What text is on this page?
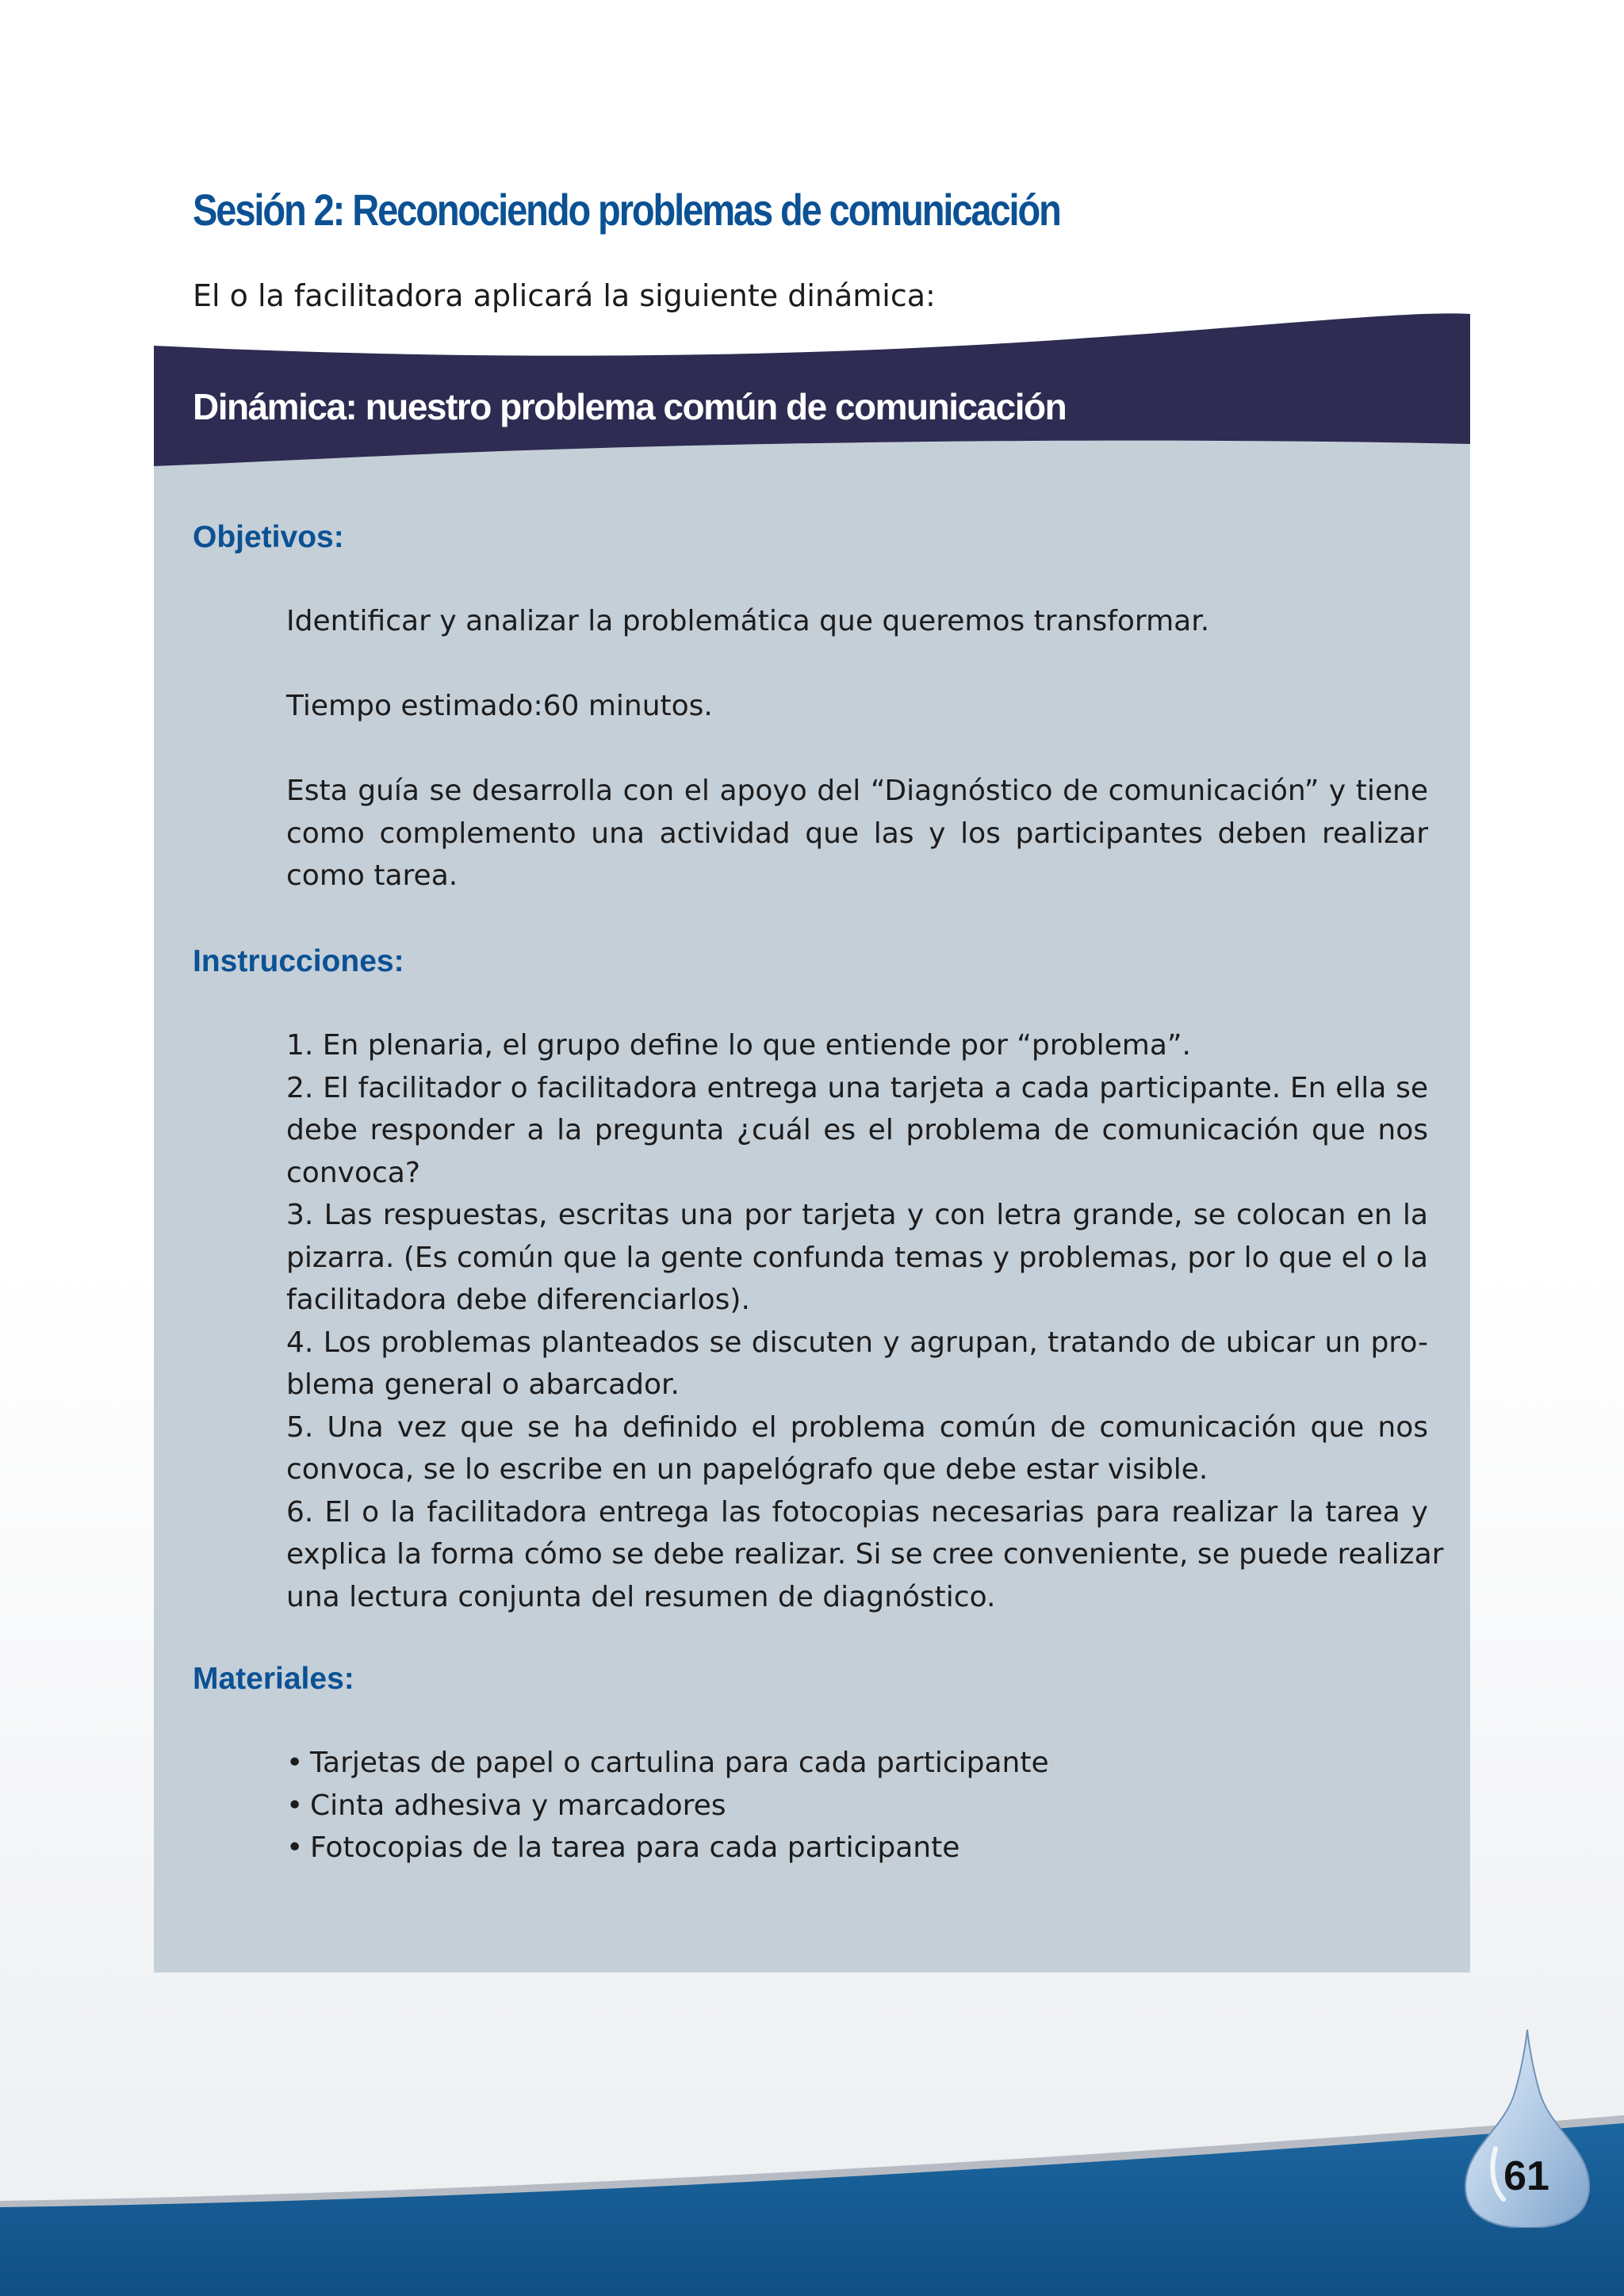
Sesión 2: Reconociendo problemas de comunicación

El o la facilitadora aplicará la siguiente dinámica:

Dinámica: nuestro problema común de comunicación
Objetivos:

Identificar y analizar la problemática que queremos transformar.

Tiempo estimado:60 minutos.

Esta guía se desarrolla con el apoyo del “Diagnóstico de comunicación” y tiene
como complemento una actividad que las y los participantes deben realizar
como tarea.
Instrucciones:
1. En plenaria, el grupo define lo que entiende por “problema”.
2. El facilitador o facilitadora entrega una tarjeta a cada participante. En ella se
debe responder a la pregunta ¿cuál es el problema de comunicación que nos
convoca?
3. Las respuestas, escritas una por tarjeta y con letra grande, se colocan en la
pizarra. (Es común que la gente confunda temas y problemas, por lo que el o la
facilitadora debe diferenciarlos).
4. Los problemas planteados se discuten y agrupan, tratando de ubicar un pro-
blema general o abarcador.
5. Una vez que se ha definido el problema común de comunicación que nos
convoca, se lo escribe en un papelógrafo que debe estar visible.
6. El o la facilitadora entrega las fotocopias necesarias para realizar la tarea y
explica la forma cómo se debe realizar. Si se cree conveniente, se puede realizar
una lectura conjunta del resumen de diagnóstico.
Materiales:
• Tarjetas de papel o cartulina para cada participante
• Cinta adhesiva y marcadores
• Fotocopias de la tarea para cada participante
61
